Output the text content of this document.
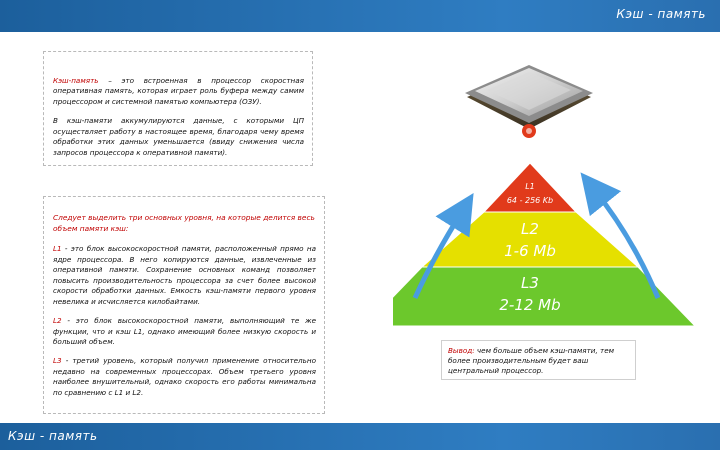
Кэш - память

Кэш-память – это встроенная в процессор скоростная оперативная память, которая играет роль буфера между самим процессором и системной памятью компьютера (ОЗУ).

В кэш-памяти аккумулируются данные, с которыми ЦП осуществляет работу в настоящее время, благодаря чему время обработки этих данных уменьшается (ввиду снижения числа запросов процессора к оперативной памяти).

Следует выделить три основных уровня, на которые делится весь объем памяти кэш:

L1 - это блок высокоскоростной памяти, расположенный прямо на ядре процессора. В него копируются данные, извлеченные из оперативной памяти. Сохранение основных команд позволяет повысить производительность процессора за счет более высокой скорости обработки данных. Емкость кэш-памяти первого уровня невелика и исчисляется килобайтами.

L2 - это блок высокоскоростной памяти, выполняющий те же функции, что и кэш L1, однако имеющий более низкую скорость и больший объем.

L3 - третий уровень, который получил применение относительно недавно на современных процессорах. Объем третьего уровня наиболее внушительный, однако скорость его работы минимальна по сравнению с L1 и L2.

L1
64 - 256 Kb
L2
1-6 Mb
L3
2-12 Mb
Вывод: чем больше объем кэш-памяти, тем более производительным будет ваш центральный процессор.
Кэш - память
